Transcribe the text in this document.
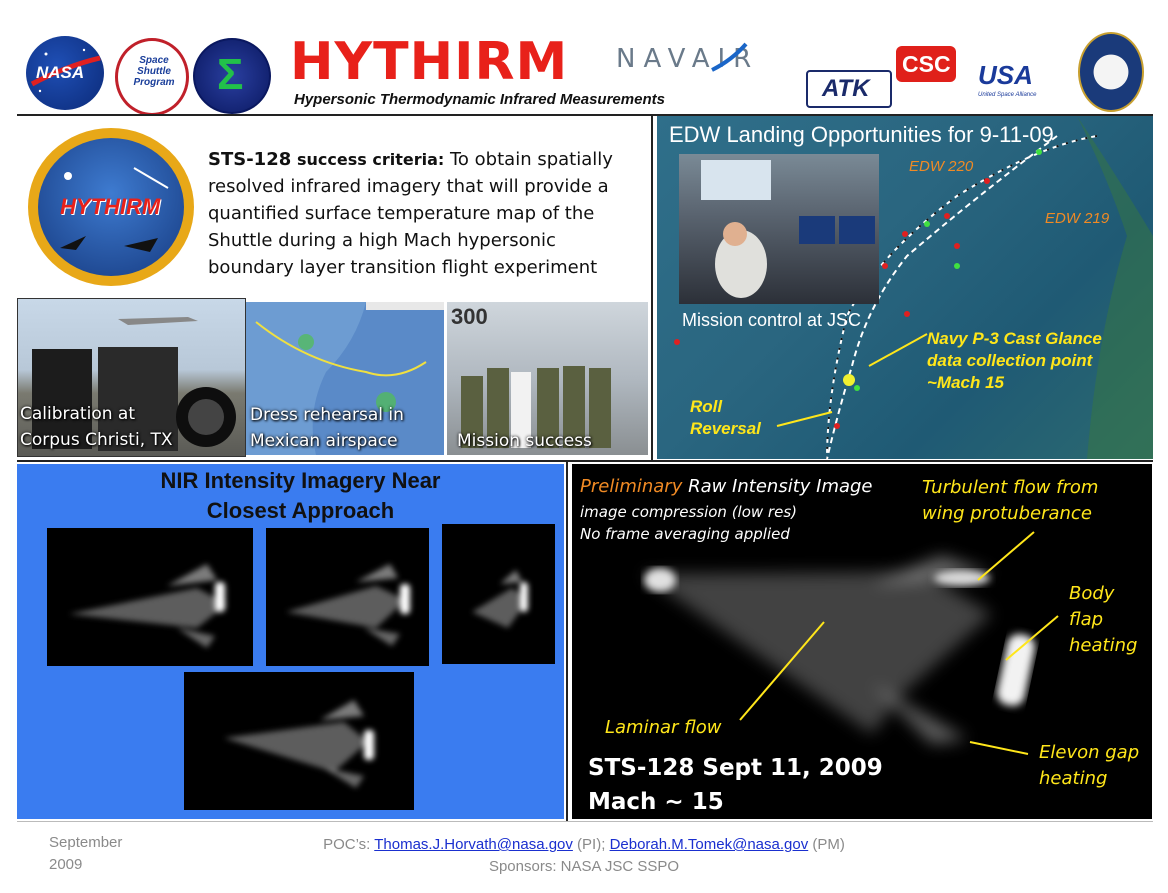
NASA
Space
Shuttle
Program Σ HYTHIRM
Hypersonic Thermodynamic Infrared Measurements
NAVAIR
ATK
CSC USA
United Space Alliance
HYTHIRM
STS-128 success criteria: To obtain spatially resolved infrared imagery that will provide a quantified surface temperature map of the Shuttle during a high Mach hypersonic boundary layer transition flight experiment
Calibration at
Corpus Christi, TX
Dress rehearsal in
Mexican airspace
300
Mission success
EDW Landing Opportunities for 9-11-09
EDW 220
EDW 219
Mission control at JSC
Navy P-3 Cast Glance
data collection point
~Mach 15
Roll
Reversal
NIR Intensity Imagery Near
Closest Approach
Preliminary Raw Intensity Image
image compression (low res)
No frame averaging applied
Turbulent flow from
wing protuberance
Body
flap
heating
Laminar flow
Elevon gap
heating
STS-128 Sept 11, 2009
Mach ~ 15
September
2009
POC’s: Thomas.J.Horvath@nasa.gov (PI); Deborah.M.Tomek@nasa.gov (PM)
Sponsors: NASA JSC SSPO
